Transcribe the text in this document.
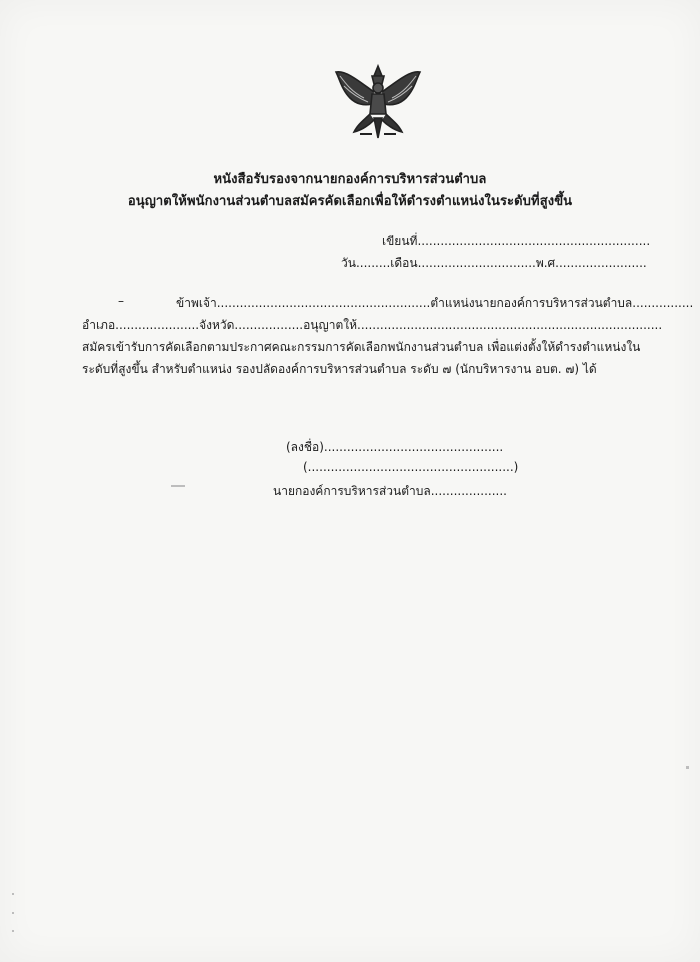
หนังสือรับรองจากนายกองค์การบริหารส่วนตำบล
อนุญาตให้พนักงานส่วนตำบลสมัครคัดเลือกเพื่อให้ดำรงตำแหน่งในระดับที่สูงขึ้น
เขียนที่.............................................................
วัน.........เดือน...............................พ.ศ........................
–	ข้าพเจ้า........................................................ตำแหน่งนายกองค์การบริหารส่วนตำบล................
อำเภอ......................จังหวัด..................อนุญาตให้................................................................................
สมัครเข้ารับการคัดเลือกตามประกาศคณะกรรมการคัดเลือกพนักงานส่วนตำบล เพื่อแต่งตั้งให้ดำรงตำแหน่งใน
ระดับที่สูงขึ้น สำหรับตำแหน่ง รองปลัดองค์การบริหารส่วนตำบล ระดับ ๗ (นักบริหารงาน อบต. ๗) ได้
(ลงชื่อ)...............................................
(......................................................)
นายกองค์การบริหารส่วนตำบล....................
